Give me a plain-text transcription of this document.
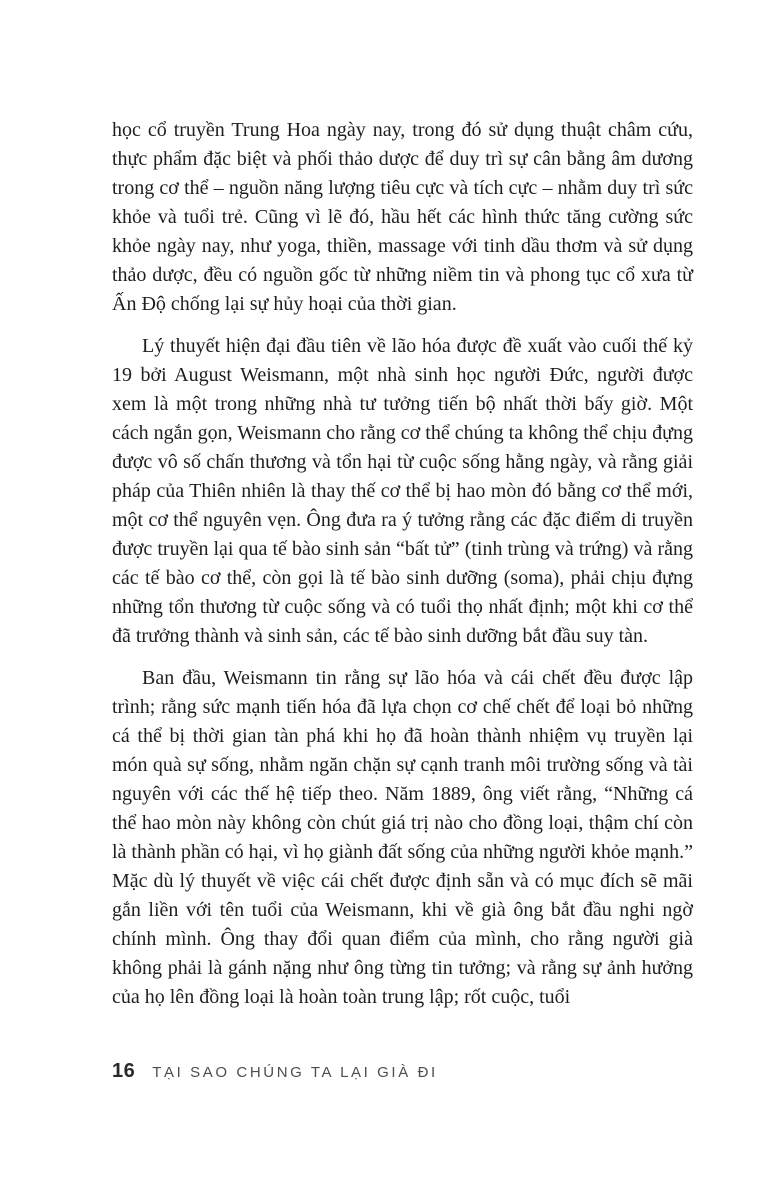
học cổ truyền Trung Hoa ngày nay, trong đó sử dụng thuật châm cứu, thực phẩm đặc biệt và phối thảo dược để duy trì sự cân bằng âm dương trong cơ thể – nguồn năng lượng tiêu cực và tích cực – nhằm duy trì sức khỏe và tuổi trẻ. Cũng vì lẽ đó, hầu hết các hình thức tăng cường sức khỏe ngày nay, như yoga, thiền, massage với tinh dầu thơm và sử dụng thảo dược, đều có nguồn gốc từ những niềm tin và phong tục cổ xưa từ Ấn Độ chống lại sự hủy hoại của thời gian.

Lý thuyết hiện đại đầu tiên về lão hóa được đề xuất vào cuối thế kỷ 19 bởi August Weismann, một nhà sinh học người Đức, người được xem là một trong những nhà tư tưởng tiến bộ nhất thời bấy giờ. Một cách ngắn gọn, Weismann cho rằng cơ thể chúng ta không thể chịu đựng được vô số chấn thương và tổn hại từ cuộc sống hằng ngày, và rằng giải pháp của Thiên nhiên là thay thế cơ thể bị hao mòn đó bằng cơ thể mới, một cơ thể nguyên vẹn. Ông đưa ra ý tưởng rằng các đặc điểm di truyền được truyền lại qua tế bào sinh sản “bất tử” (tinh trùng và trứng) và rằng các tế bào cơ thể, còn gọi là tế bào sinh dưỡng (soma), phải chịu đựng những tổn thương từ cuộc sống và có tuổi thọ nhất định; một khi cơ thể đã trưởng thành và sinh sản, các tế bào sinh dưỡng bắt đầu suy tàn.

Ban đầu, Weismann tin rằng sự lão hóa và cái chết đều được lập trình; rằng sức mạnh tiến hóa đã lựa chọn cơ chế chết để loại bỏ những cá thể bị thời gian tàn phá khi họ đã hoàn thành nhiệm vụ truyền lại món quà sự sống, nhằm ngăn chặn sự cạnh tranh môi trường sống và tài nguyên với các thế hệ tiếp theo. Năm 1889, ông viết rằng, “Những cá thể hao mòn này không còn chút giá trị nào cho đồng loại, thậm chí còn là thành phần có hại, vì họ giành đất sống của những người khỏe mạnh.” Mặc dù lý thuyết về việc cái chết được định sẵn và có mục đích sẽ mãi gắn liền với tên tuổi của Weismann, khi về già ông bắt đầu nghi ngờ chính mình. Ông thay đổi quan điểm của mình, cho rằng người già không phải là gánh nặng như ông từng tin tưởng; và rằng sự ảnh hưởng của họ lên đồng loại là hoàn toàn trung lập; rốt cuộc, tuổi

16 TẠI SAO CHÚNG TA LẠI GIÀ ĐI
